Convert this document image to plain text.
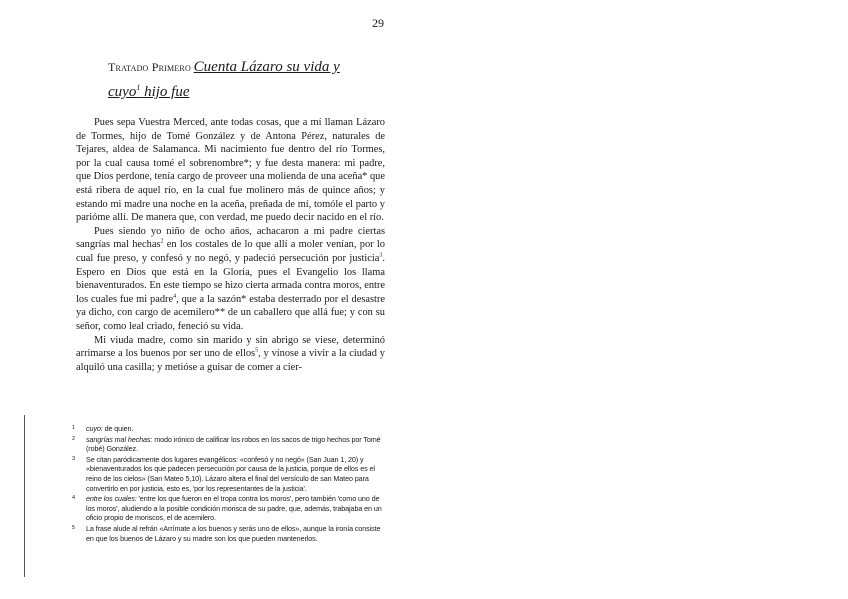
29
Tratado Primero Cuenta Lázaro su vida y
cuyo$^1$ hijo fue

Pues sepa Vuestra Merced, ante todas cosas, que a mí llaman Lázaro de Tormes, hijo de Tomé González y de Antona Pérez, naturales de Tejares, aldea de Salamanca. Mi nacimiento fue dentro del río Tormes, por la cual causa tomé el sobrenombre*; y fue desta manera: mi padre, que Dios perdone, tenía cargo de proveer una molienda de una aceña* que está ribera de aquel río, en la cual fue molinero más de quince años; y estando mi madre una noche en la aceña, preñada de mí, tomóle el parto y parióme allí. De manera que, con verdad, me puedo decir nacido en el río.

Pues siendo yo niño de ocho años, achacaron a mi padre ciertas sangrías mal hechas$^2$ en los costales de lo que allí a moler venían, por lo cual fue preso, y confesó y no negó, y padeció persecución por justicia$^3$. Espero en Dios que está en la Gloria, pues el Evangelio los llama bienaventurados. En este tiempo se hizo cierta armada contra moros, entre los cuales fue mi padre$^4$, que a la sazón* estaba desterrado por el desastre ya dicho, con cargo de acemilero** de un caballero que allá fue; y con su señor, como leal criado, feneció su vida.

Mi viuda madre, como sin marido y sin abrigo se viese, determinó arrimarse a los buenos por ser uno de ellos$^5$, y vínose a vivir a la ciudad y alquiló una casilla; y metióse a guisar de comer a cier-

1	cuyo: de quien.
2	sangrías mal hechas: modo irónico de calificar los robos en los sacos de trigo hechos por Tomé (robé) González.
3	Se citan paródicamente dos lugares evangélicos: «confesó y no negó» (San Juan 1, 20) y «bienaventurados los que padecen persecución por causa de la justicia, porque de ellos es el reino de los cielos» (San Mateo 5,10). Lázaro altera el final del versículo de san Mateo para convertirlo en por justicia, esto es, 'por los representantes de la justicia'.
4	entre los cuales: 'entre los que fueron en el tropa contra los moros', pero también 'como uno de los moros', aludiendo a la posible condición morisca de su padre, que, además, trabajaba en un oficio propio de moriscos, el de acemilero.
5	La frase alude al refrán «Arrímate a los buenos y serás uno de ellos», aunque la ironía consiste en que los buenos de Lázaro y su madre son los que pueden mantenerlos.
